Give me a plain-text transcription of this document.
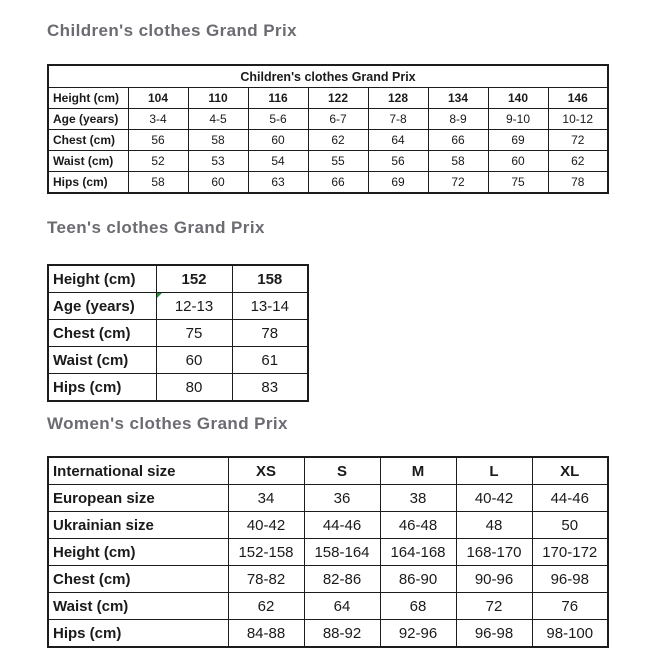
Children's clothes Grand Prix
Children's clothes Grand Prix								
Height (cm)	104	110	116	122	128	134	140	146
Age (years)	3-4	4-5	5-6	6-7	7-8	8-9	9-10	10-12
Chest (cm)	56	58	60	62	64	66	69	72
Waist (cm)	52	53	54	55	56	58	60	62
Hips (cm)	58	60	63	66	69	72	75	78
Teen's clothes Grand Prix
Height (cm)	152	158
Age (years)	12-13	13-14
Chest (cm)	75	78
Waist (cm)	60	61
Hips (cm)	80	83
Women's clothes Grand Prix
International size	XS	S	M	L	XL
European size	34	36	38	40-42	44-46
Ukrainian size	40-42	44-46	46-48	48	50
Height (cm)	152-158	158-164	164-168	168-170	170-172
Chest (cm)	78-82	82-86	86-90	90-96	96-98
Waist (cm)	62	64	68	72	76
Hips (cm)	84-88	88-92	92-96	96-98	98-100
